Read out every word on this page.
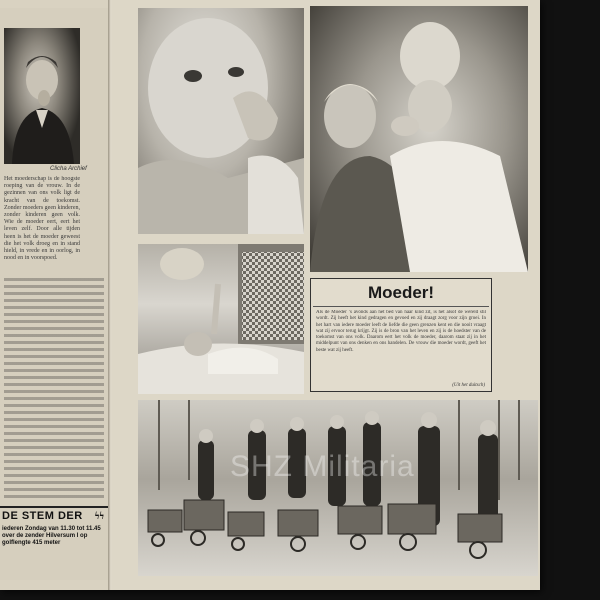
Clicha Archief
Het moederschap is de hoogste roeping van de vrouw. In de gezinnen van ons volk ligt de kracht van de toekomst. Zonder moeders geen kinderen, zonder kinderen geen volk. Wie de moeder eert, eert het leven zelf. Door alle tijden heen is het de moeder geweest die het volk droeg en in stand hield, in vrede en in oorlog, in nood en in voorspoed.
DE STEM DER ϟϟ
iederen Zondag van 11.30 tot 11.45 over de zender Hilversum I op golflengte 415 meter
Moeder!
Als de Moeder ’s avonds aan het bed van haar kind zit, is het alsof de wereld stil wordt. Zij heeft het kind gedragen en gevoed en zij draagt zorg voor zijn groei. In het hart van iedere moeder leeft de liefde die geen grenzen kent en die nooit vraagt wat zij ervoor terug krijgt. Zij is de bron van het leven en zij is de hoedster van de toekomst van ons volk. Daarom eert het volk de moeder, daarom staat zij in het middelpunt van ons denken en ons handelen. De vrouw die moeder wordt, geeft het beste wat zij heeft.
(Uit het duitsch)
SHZ Militaria
